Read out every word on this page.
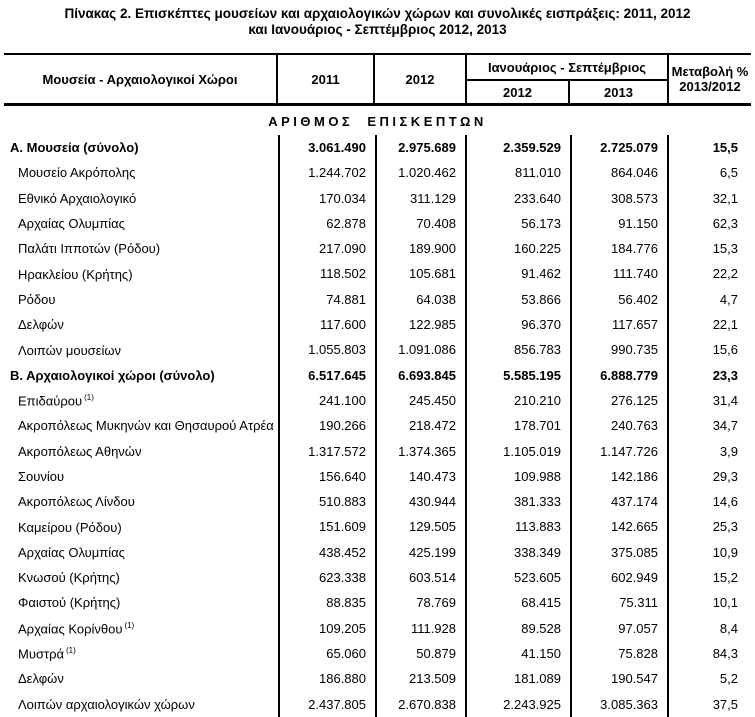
Πίνακας 2. Επισκέπτες μουσείων και αρχαιολογικών χώρων και συνολικές εισπράξεις: 2011, 2012
και Ιανουάριος - Σεπτέμβριος 2012, 2013
Μουσεία - Αρχαιολογικοί Χώροι	2011	2012
Ιανουάριος - Σεπτέμβριος
2012	2013
Μεταβολή %
2013/2012
ΑΡΙΘΜΟΣ ΕΠΙΣΚΕΠΤΩΝ
Α. Μουσεία (σύνολο)	3.061.490	2.975.689	2.359.529	2.725.079	15,5
Μουσείο Ακρόπολης	1.244.702	1.020.462	811.010	864.046	6,5
Εθνικό Αρχαιολογικό	170.034	311.129	233.640	308.573	32,1
Αρχαίας Ολυμπίας	62.878	70.408	56.173	91.150	62,3
Παλάτι Ιπποτών (Ρόδου)	217.090	189.900	160.225	184.776	15,3
Ηρακλείου (Κρήτης)	118.502	105.681	91.462	111.740	22,2
Ρόδου	74.881	64.038	53.866	56.402	4,7
Δελφών	117.600	122.985	96.370	117.657	22,1
Λοιπών μουσείων	1.055.803	1.091.086	856.783	990.735	15,6
Β. Αρχαιολογικοί χώροι (σύνολο)	6.517.645	6.693.845	5.585.195	6.888.779	23,3
Επιδαύρου $^{(1)}$	241.100	245.450	210.210	276.125	31,4
Ακροπόλεως Μυκηνών και Θησαυρού Ατρέα	190.266	218.472	178.701	240.763	34,7
Ακροπόλεως Αθηνών	1.317.572	1.374.365	1.105.019	1.147.726	3,9
Σουνίου	156.640	140.473	109.988	142.186	29,3
Ακροπόλεως Λίνδου	510.883	430.944	381.333	437.174	14,6
Καμείρου (Ρόδου)	151.609	129.505	113.883	142.665	25,3
Αρχαίας Ολυμπίας	438.452	425.199	338.349	375.085	10,9
Κνωσού (Κρήτης)	623.338	603.514	523.605	602.949	15,2
Φαιστού (Κρήτης)	88.835	78.769	68.415	75.311	10,1
Αρχαίας Κορίνθου $^{(1)}$	109.205	111.928	89.528	97.057	8,4
Μυστρά $^{(1)}$	65.060	50.879	41.150	75.828	84,3
Δελφών	186.880	213.509	181.089	190.547	5,2
Λοιπών αρχαιολογικών χώρων	2.437.805	2.670.838	2.243.925	3.085.363	37,5
